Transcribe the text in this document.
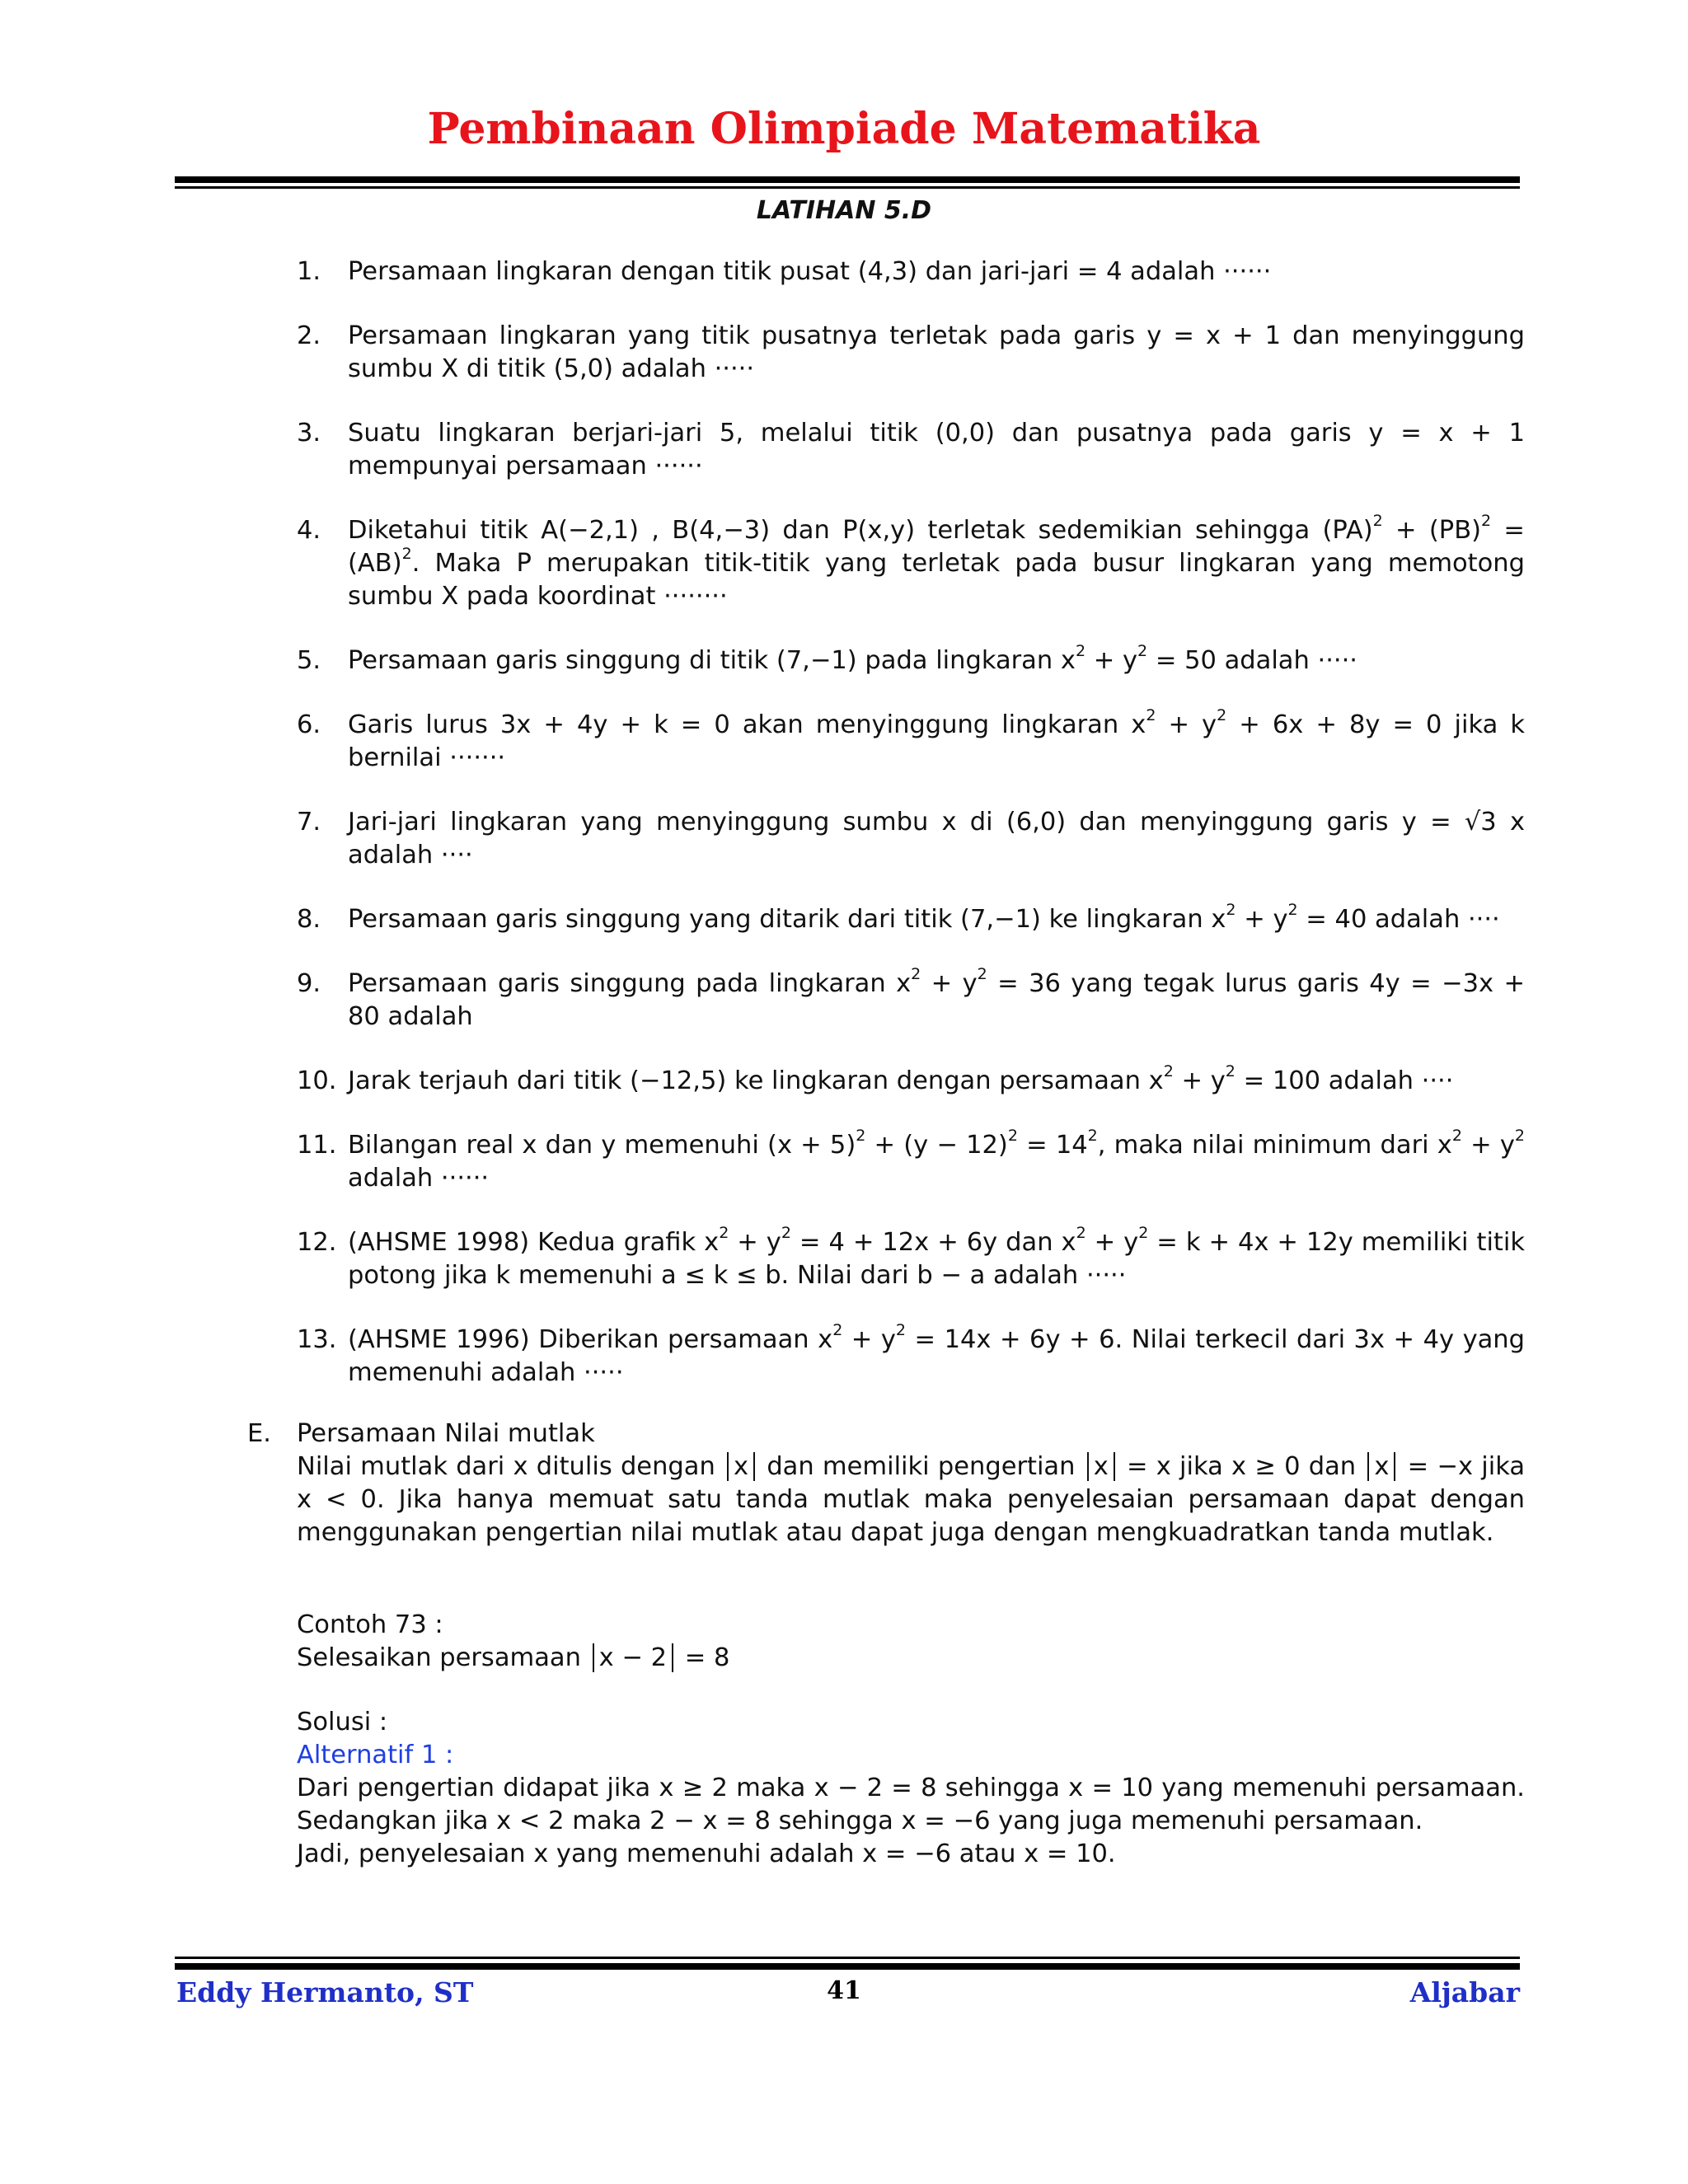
Pembinaan Olimpiade Matematika
LATIHAN 5.D
1. Persamaan lingkaran dengan titik pusat (4,3) dan jari-jari = 4 adalah ······
2. Persamaan lingkaran yang titik pusatnya terletak pada garis y = x + 1 dan menyinggung sumbu X di titik (5,0) adalah ·····
3. Suatu lingkaran berjari-jari 5, melalui titik (0,0) dan pusatnya pada garis y = x + 1 mempunyai persamaan ······
4. Diketahui titik A(−2,1) , B(4,−3) dan P(x,y) terletak sedemikian sehingga (PA)$^2$ + (PB)$^2$ = (AB)$^2$. Maka P merupakan titik-titik yang terletak pada busur lingkaran yang memotong sumbu X pada koordinat ········
5. Persamaan garis singgung di titik (7,−1) pada lingkaran $x^2 + y^2 = 50$ adalah ·····
6. Garis lurus 3x + 4y + k = 0 akan menyinggung lingkaran $x^2 + y^2 + 6x + 8y = 0$ jika k bernilai ·······
7. Jari-jari lingkaran yang menyinggung sumbu x di (6,0) dan menyinggung garis y = √3 x adalah ····
8. Persamaan garis singgung yang ditarik dari titik (7,−1) ke lingkaran $x^2 + y^2 = 40$ adalah ····
9. Persamaan garis singgung pada lingkaran $x^2 + y^2 = 36$ yang tegak lurus garis 4y = −3x + 80 adalah
10. Jarak terjauh dari titik (−12,5) ke lingkaran dengan persamaan $x^2 + y^2 = 100$ adalah ····
11. Bilangan real x dan y memenuhi $(x + 5)^2 + (y - 12)^2 = 14^2$, maka nilai minimum dari $x^2 + y^2$ adalah ······
12. (AHSME 1998) Kedua grafik $x^2 + y^2 = 4 + 12x + 6y$ dan $x^2 + y^2 = k + 4x + 12y$ memiliki titik potong jika k memenuhi a ≤ k ≤ b. Nilai dari b − a adalah ·····
13. (AHSME 1996) Diberikan persamaan $x^2 + y^2 = 14x + 6y + 6$. Nilai terkecil dari 3x + 4y yang memenuhi adalah ·····
E. Persamaan Nilai mutlak
Nilai mutlak dari x ditulis dengan x dan memiliki pengertian x = x jika x ≥ 0 dan x = −x jika x < 0. Jika hanya memuat satu tanda mutlak maka penyelesaian persamaan dapat dengan menggunakan pengertian nilai mutlak atau dapat juga dengan mengkuadratkan tanda mutlak.
Contoh 73 :
Selesaikan persamaan x − 2 = 8
Solusi :
Alternatif 1 :
Dari pengertian didapat jika x ≥ 2 maka x − 2 = 8 sehingga x = 10 yang memenuhi persamaan. Sedangkan jika x < 2 maka 2 − x = 8 sehingga x = −6 yang juga memenuhi persamaan.
Jadi, penyelesaian x yang memenuhi adalah x = −6 atau x = 10.
Eddy Hermanto, ST	41	Aljabar
